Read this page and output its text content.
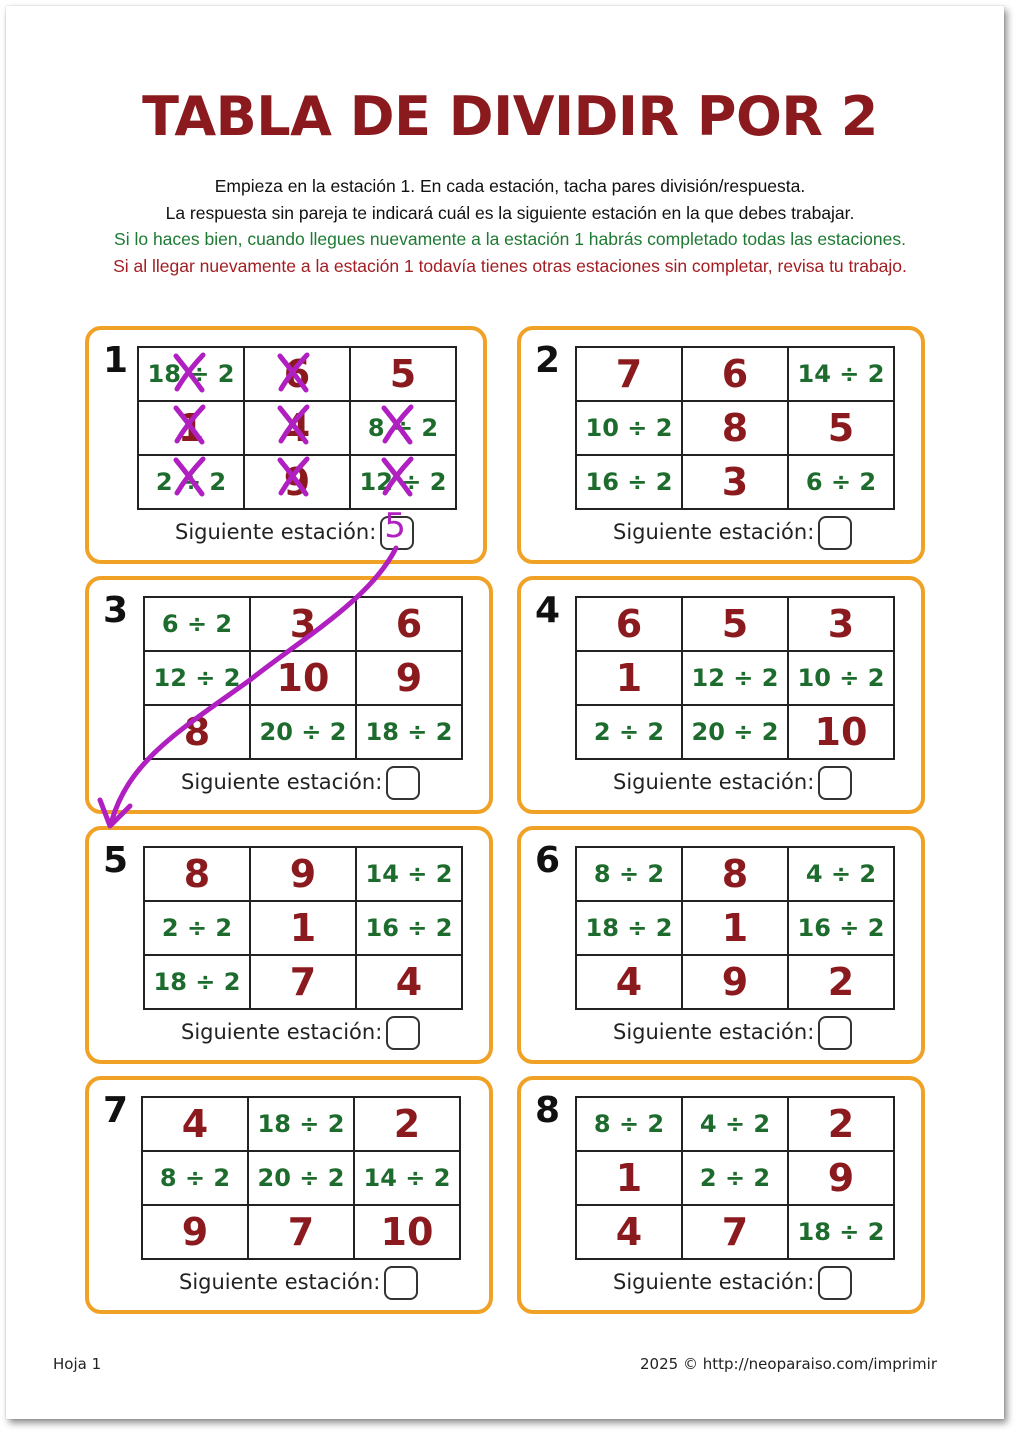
TABLA DE DIVIDIR POR 2
Empieza en la estación 1. En cada estación, tacha pares división/respuesta.
La respuesta sin pareja te indicará cuál es la siguiente estación en la que debes trabajar.
Si lo haces bien, cuando llegues nuevamente a la estación 1 habrás completado todas las estaciones.
Si al llegar nuevamente a la estación 1 todavía tienes otras estaciones sin completar, revisa tu trabajo.
1 18 ÷ 2	6	5
1	4	8 ÷ 2
2 ÷ 2	9	12 ÷ 2
Siguiente estación: 5
2 7	6	14 ÷ 2
10 ÷ 2	8	5
16 ÷ 2	3	6 ÷ 2
Siguiente estación:
3 6 ÷ 2	3	6
12 ÷ 2	10	9
8	20 ÷ 2	18 ÷ 2
Siguiente estación:
4 6	5	3
1	12 ÷ 2	10 ÷ 2
2 ÷ 2	20 ÷ 2	10
Siguiente estación:
5 8	9	14 ÷ 2
2 ÷ 2	1	16 ÷ 2
18 ÷ 2	7	4
Siguiente estación:
6 8 ÷ 2	8	4 ÷ 2
18 ÷ 2	1	16 ÷ 2
4	9	2
Siguiente estación:
7 4	18 ÷ 2	2
8 ÷ 2	20 ÷ 2	14 ÷ 2
9	7	10
Siguiente estación:
8 8 ÷ 2	4 ÷ 2	2
1	2 ÷ 2	9
4	7	18 ÷ 2
Siguiente estación:
Hoja 1	2025 © http://neoparaiso.com/imprimir
